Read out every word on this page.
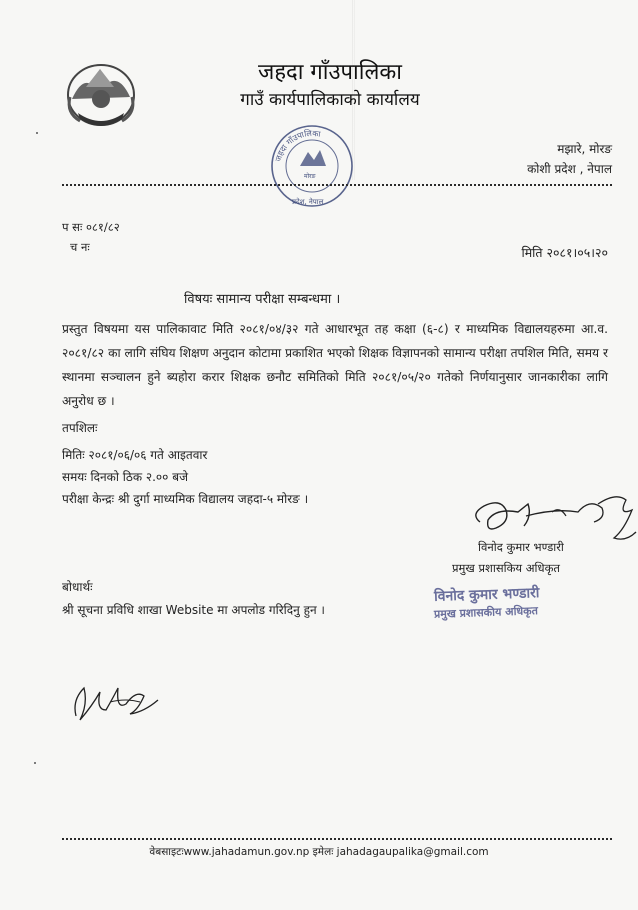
जहदा गाँउपालिका
गाउँ कार्यपालिकाको कार्यालय
मझारे, मोरङ
कोशी प्रदेश , नेपाल
जहदा गाँउपालिका
मोरङ
प्रदेश, नेपाल
प सः ०८१/८२
च नः	मिति २०८१।०५।२०
विषयः सामान्य परीक्षा सम्बन्धमा ।
प्रस्तुत विषयमा यस पालिकावाट मिति २०८१/०४/३२ गते आधारभूत तह कक्षा (६-८) र माध्यमिक विद्यालयहरुमा आ.व. २०८१/८२ का लागि संघिय शिक्षण अनुदान कोटामा प्रकाशित भएको शिक्षक विज्ञापनको सामान्य परीक्षा तपशिल मिति, समय र स्थानमा सञ्चालन हुने ब्यहोरा करार शिक्षक छनौट समितिको मिति २०८१/०५/२० गतेको निर्णयानुसार जानकारीका लागि अनुरोध छ ।
तपशिलः
मितिः २०८१/०६/०६ गते आइतवार
समयः दिनको ठिक २.०० बजे
परीक्षा केन्द्रः श्री दुर्गा माध्यमिक विद्यालय जहदा-५ मोरङ ।
विनोद कुमार भण्डारी
प्रमुख प्रशासकिय अधिकृत
विनोद कुमार भण्डारी
प्रमुख प्रशासकीय अधिकृत
बोधार्थः
श्री सूचना प्रविधि शाखा Website मा अपलोड गरिदिनु हुन ।
वेबसाइटःwww.jahadamun.gov.np इमेलः jahadagaupalika@gmail.com
